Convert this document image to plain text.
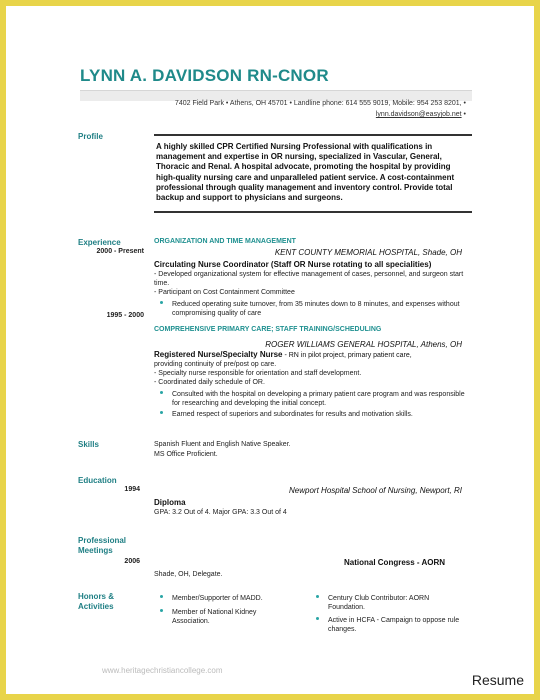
LYNN A. DAVIDSON RN-CNOR
7402 Field Park • Athens, OH 45701 • Landline phone: 614 555 9019, Mobile: 954 253 8201, •
lynn.davidson@easyjob.net •
Profile
A highly skilled CPR Certified Nursing Professional with qualifications in management and expertise in OR nursing, specialized in Vascular, General, Thoracic and Renal. A hospital advocate, promoting the hospital by providing high-quality nursing care and unparalleled patient service. A cost-containment professional through quality management and inventory control. Provide total backup and support to physicians and surgeons.
Experience
2000 - Present
ORGANIZATION AND TIME MANAGEMENT
KENT COUNTY MEMORIAL HOSPITAL, Shade, OH
Circulating Nurse Coordinator (Staff OR Nurse rotating to all specialities)
- Developed organizational system for effective management of cases, personnel, and surgeon start time.
- Participant on Cost Containment Committee
Reduced operating suite turnover, from 35 minutes down to 8 minutes, and expenses without compromising quality of care
COMPREHENSIVE PRIMARY CARE; STAFF TRAINING/SCHEDULING
1995 - 2000
ROGER WILLIAMS GENERAL HOSPITAL, Athens, OH
Registered Nurse/Specialty Nurse - RN in pilot project, primary patient care,
providing continuity of pre/post op care.
- Specialty nurse responsible for orientation and staff development.
- Coordinated daily schedule of OR.
Consulted with the hospital on developing a primary patient care program and was responsible for researching and developing the initial concept.
Earned respect of superiors and subordinates for results and motivation skills.
Skills	Spanish Fluent and English Native Speaker.
MS Office Proficient.
Education
1994	Newport Hospital School of Nursing, Newport, RI
Diploma
GPA: 3.2 Out of 4. Major GPA: 3.3 Out of 4
Professional
Meetings
2006	National Congress - AORN
Shade, OH, Delegate.
Honors &
Activities
Member/Supporter of MADD.
Member of National Kidney Association.
Century Club Contributor: AORN Foundation.
Active in HCFA - Campaign to oppose rule changes.
www.heritagechristiancollege.com
Resume
